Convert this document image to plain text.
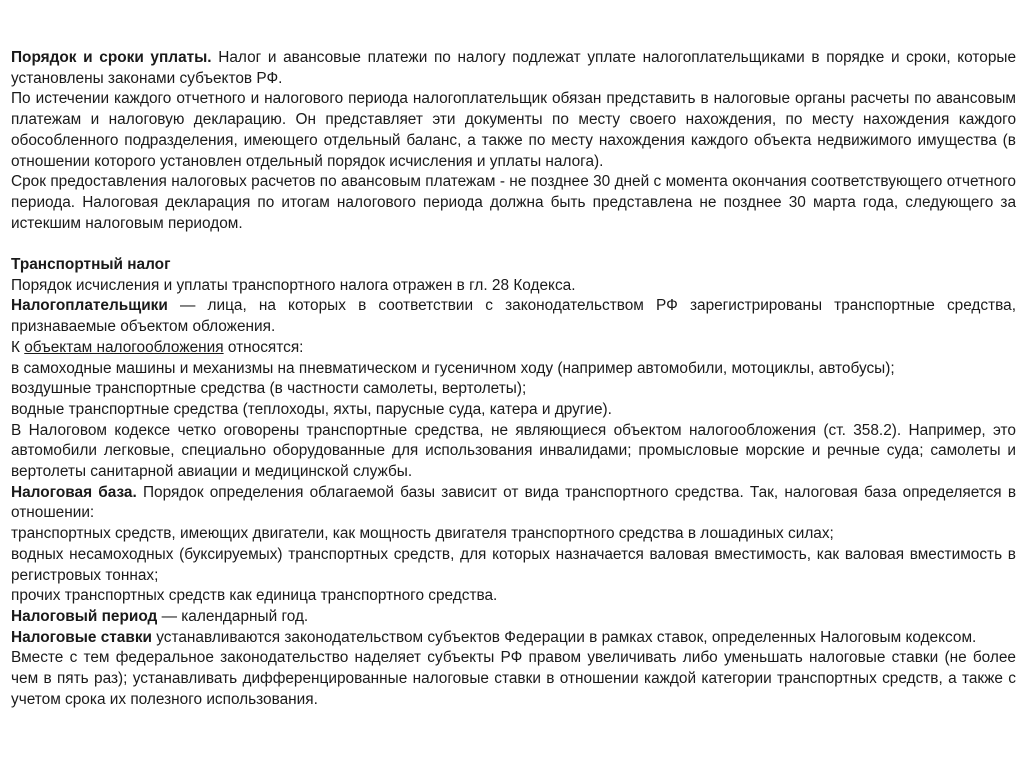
Порядок и сроки уплаты. Налог и авансовые платежи по налогу подлежат уплате налогоплательщиками в порядке и сроки, которые установлены законами субъектов РФ.

По истечении каждого отчетного и налогового периода налогоплательщик обязан представить в налоговые органы расчеты по авансовым платежам и налоговую декларацию. Он представляет эти документы по месту своего нахождения, по месту нахождения каждого обособленного подразделения, имеющего отдельный баланс, а также по месту нахождения каждого объекта недвижимого имущества (в отношении которого установлен отдельный порядок исчисления и уплаты налога).

Срок предоставления налоговых расчетов по авансовым платежам - не позднее 30 дней с момента окончания соответствующего отчетного периода. Налоговая декларация по итогам налогового периода должна быть представлена не позднее 30 марта года, следующего за истекшим налоговым периодом.

Транспортный налог

Порядок исчисления и уплаты транспортного налога отражен в гл. 28 Кодекса.

Налогоплательщики — лица, на которых в соответствии с законодательством РФ зарегистрированы транспортные средства, признаваемые объектом обложения.

К объектам налогообложения относятся:

в самоходные машины и механизмы на пневматическом и гусеничном ходу (например автомобили, мотоциклы, автобусы);

воздушные транспортные средства (в частности самолеты, вертолеты);

водные транспортные средства (теплоходы, яхты, парусные суда, катера и другие).

В Налоговом кодексе четко оговорены транспортные средства, не являющиеся объектом налогообложения (ст. 358.2). Например, это автомобили легковые, специально оборудованные для использования инвалидами; промысловые морские и речные суда; самолеты и вертолеты санитарной авиации и медицинской службы.

Налоговая база. Порядок определения облагаемой базы зависит от вида транспортного средства. Так, налоговая база определяется в отношении:

транспортных средств, имеющих двигатели, как мощность двигателя транспортного средства в лошадиных силах;

водных несамоходных (буксируемых) транспортных средств, для которых назначается валовая вместимость, как валовая вместимость в регистровых тоннах;

прочих транспортных средств как единица транспортного средства.

Налоговый период — календарный год.

Налоговые ставки устанавливаются законодательством субъектов Федерации в рамках ставок, определенных Налоговым кодексом.

Вместе с тем федеральное законодательство наделяет субъекты РФ правом увеличивать либо уменьшать налоговые ставки (не более чем в пять раз); устанавливать дифференцированные налоговые ставки в отношении каждой категории транспортных средств, а также с учетом срока их полезного использования.
